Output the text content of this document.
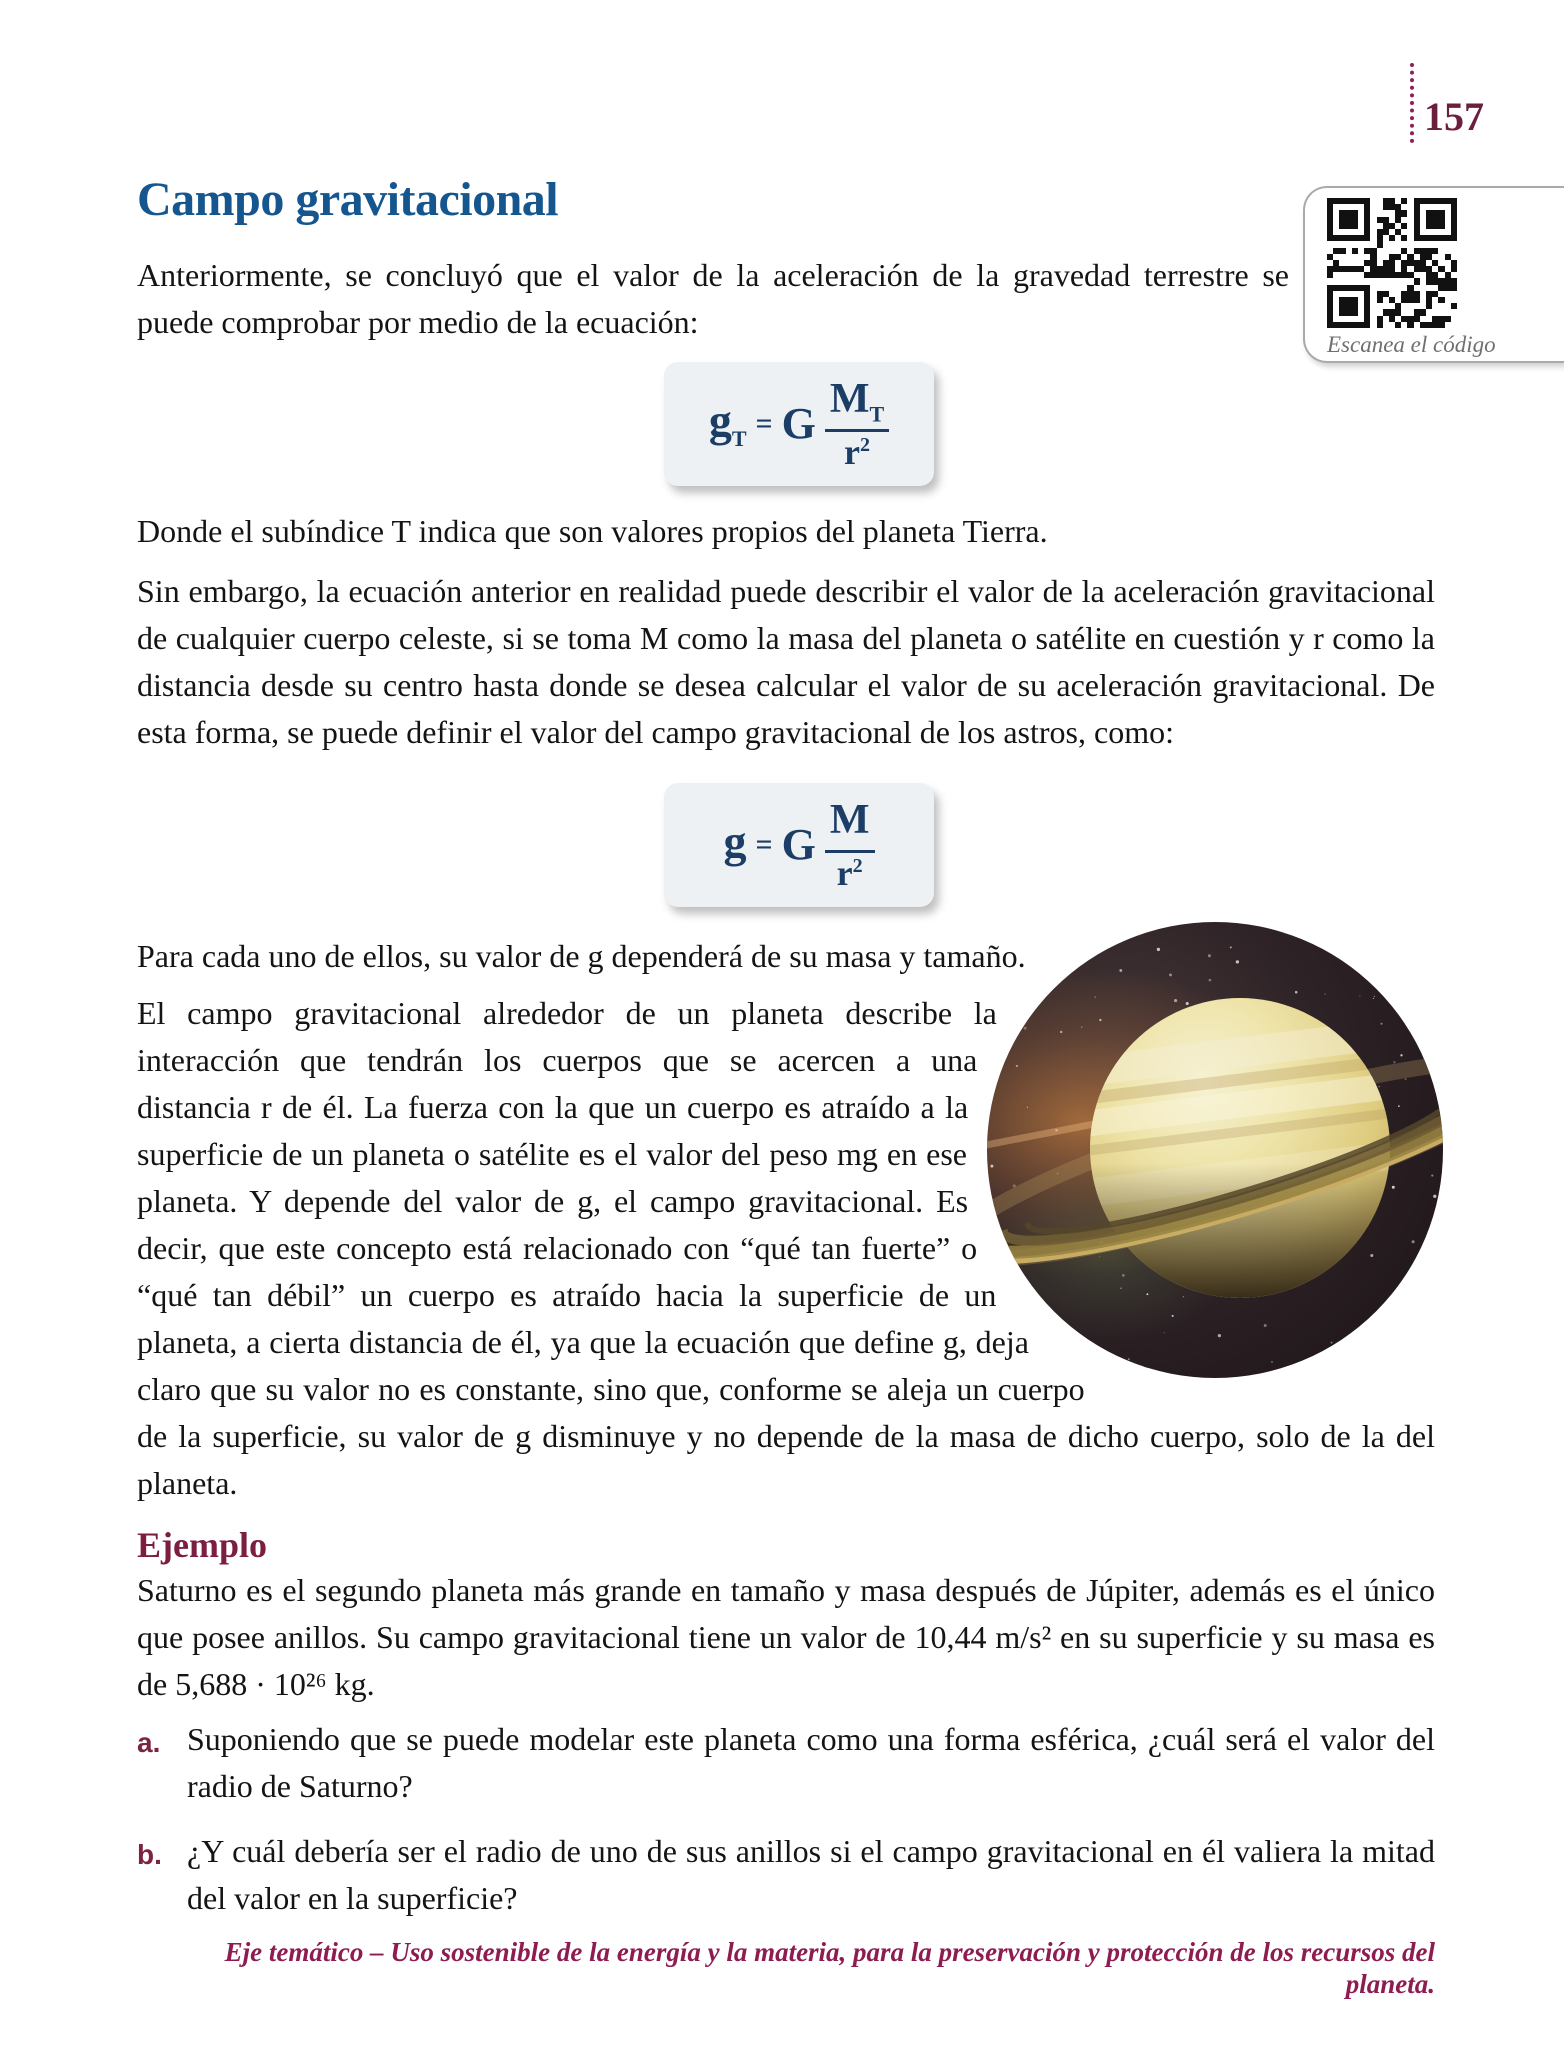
157
Campo gravitacional
Escanea el código

Anteriormente, se concluyó que el valor de la aceleración de la gravedad terrestre se puede comprobar por medio de la ecuación:

$g_T = G \frac{M_T}{r^2}$

Donde el subíndice T indica que son valores propios del planeta Tierra.

Sin embargo, la ecuación anterior en realidad puede describir el valor de la aceleración gravitacional de cualquier cuerpo celeste, si se toma M como la masa del planeta o satélite en cuestión y r como la distancia desde su centro hasta donde se desea calcular el valor de su aceleración gravitacional. De esta forma, se puede definir el valor del campo gravitacional de los astros, como:

g = G $\frac{M}{r^2}$

Para cada uno de ellos, su valor de g dependerá de su masa y tamaño.

El campo gravitacional alrededor de un planeta describe la interacción que tendrán los cuerpos que se acercen a una distancia r de él. La fuerza con la que un cuerpo es atraído a la superficie de un planeta o satélite es el valor del peso mg en ese planeta. Y depende del valor de g, el campo gravitacional. Es decir, que este concepto está relacionado con “qué tan fuerte” o “qué tan débil” un cuerpo es atraído hacia la superficie de un planeta, a cierta distancia de él, ya que la ecuación que define g, deja claro que su valor no es constante, sino que, conforme se aleja un cuerpo de la superficie, su valor de g disminuye y no depende de la masa de dicho cuerpo, solo de la del planeta.

Ejemplo

Saturno es el segundo planeta más grande en tamaño y masa después de Júpiter, además es el único que posee anillos. Su campo gravitacional tiene un valor de 10,44 m/s² en su superficie y su masa es de 5,688 · 10²⁶ kg.

a. Suponiendo que se puede modelar este planeta como una forma esférica, ¿cuál será el valor del radio de Saturno?
b. ¿Y cuál debería ser el radio de uno de sus anillos si el campo gravitacional en él valiera la mitad del valor en la superficie?
Eje temático – Uso sostenible de la energía y la materia, para la preservación y protección de los recursos del planeta.
